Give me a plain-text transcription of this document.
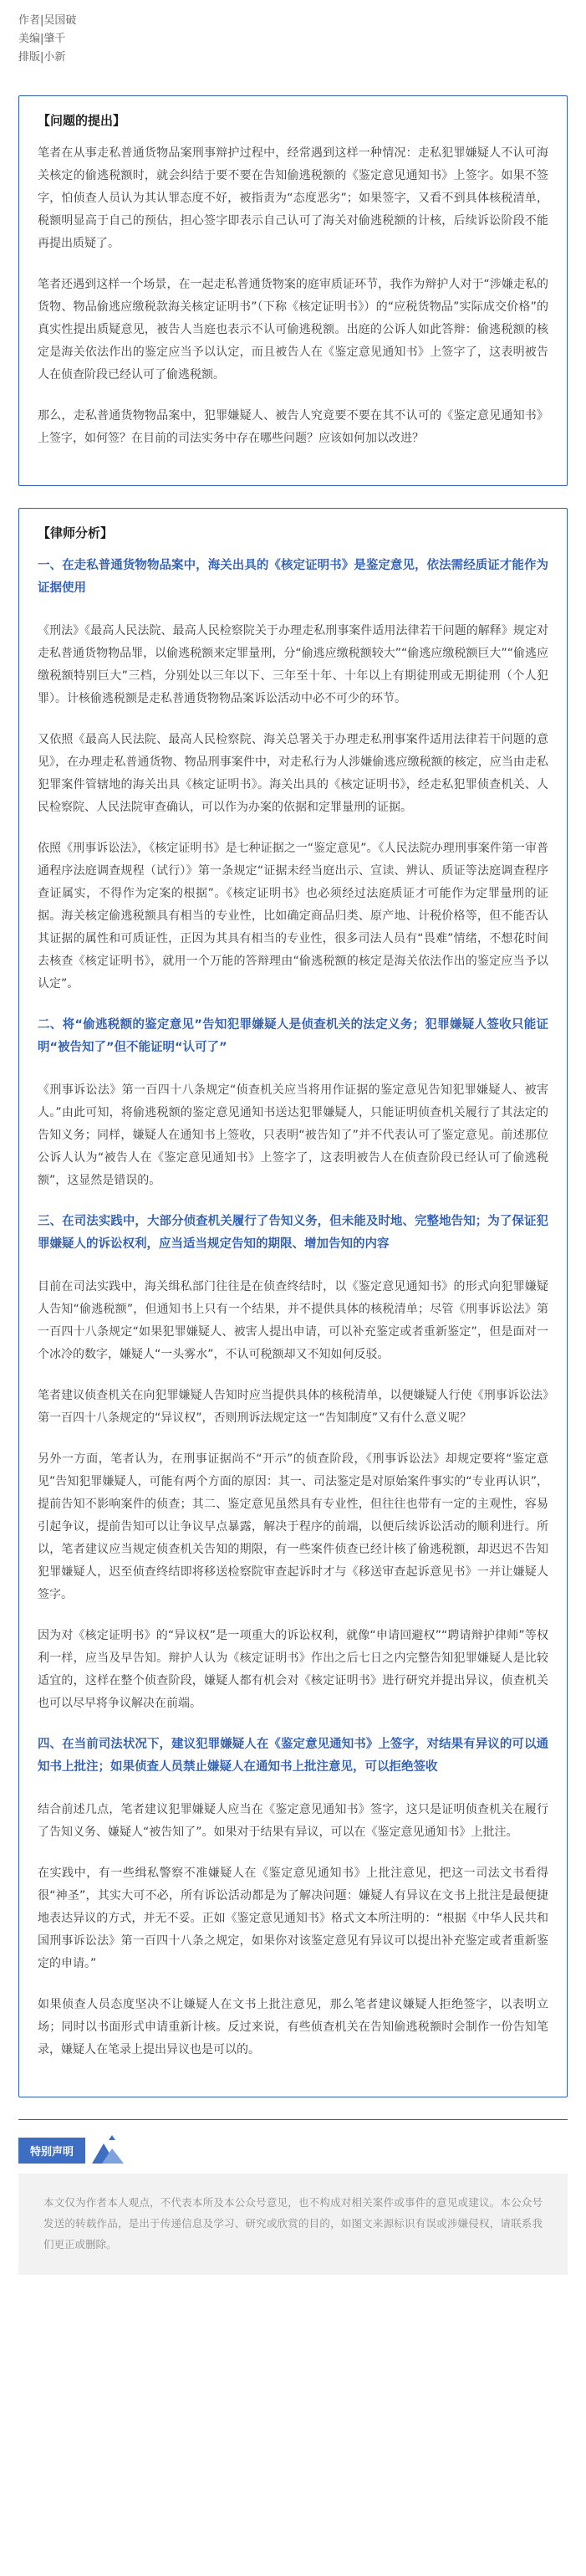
作者|吴国破
美编|肇千
排版|小新
【问题的提出】

笔者在从事走私普通货物品案刑事辩护过程中，经常遇到这样一种情况：走私犯罪嫌疑人不认可海关核定的偷逃税额时，就会纠结于要不要在告知偷逃税额的《鉴定意见通知书》上签字。如果不签字，怕侦查人员认为其认罪态度不好，被指责为“态度恶劣”；如果签字，又看不到具体核税清单，税额明显高于自己的预估，担心签字即表示自己认可了海关对偷逃税额的计核，后续诉讼阶段不能再提出质疑了。

笔者还遇到这样一个场景，在一起走私普通货物案的庭审质证环节，我作为辩护人对于“涉嫌走私的货物、物品偷逃应缴税款海关核定证明书”（下称《核定证明书》）的“应税货物品”实际成交价格”的真实性提出质疑意见，被告人当庭也表示不认可偷逃税额。出庭的公诉人如此答辩：偷逃税额的核定是海关依法作出的鉴定应当予以认定，而且被告人在《鉴定意见通知书》上签字了，这表明被告人在侦查阶段已经认可了偷逃税额。

那么，走私普通货物物品案中，犯罪嫌疑人、被告人究竟要不要在其不认可的《鉴定意见通知书》上签字，如何签？在目前的司法实务中存在哪些问题？应该如何加以改进？

【律师分析】
一、在走私普通货物物品案中，海关出具的《核定证明书》是鉴定意见，依法需经质证才能作为证据使用

《刑法》《最高人民法院、最高人民检察院关于办理走私刑事案件适用法律若干问题的解释》规定对走私普通货物物品罪，以偷逃税额来定罪量刑，分“偷逃应缴税额较大”“偷逃应缴税额巨大”“偷逃应缴税额特别巨大”三档，分别处以三年以下、三年至十年、十年以上有期徒刑或无期徒刑（个人犯罪）。计核偷逃税额是走私普通货物物品案诉讼活动中必不可少的环节。

又依照《最高人民法院、最高人民检察院、海关总署关于办理走私刑事案件适用法律若干问题的意见》，在办理走私普通货物、物品刑事案件中，对走私行为人涉嫌偷逃应缴税额的核定，应当由走私犯罪案件管辖地的海关出具《核定证明书》。海关出具的《核定证明书》，经走私犯罪侦查机关、人民检察院、人民法院审查确认，可以作为办案的依据和定罪量刑的证据。

依照《刑事诉讼法》，《核定证明书》是七种证据之一“鉴定意见”。《人民法院办理刑事案件第一审普通程序法庭调查规程（试行）》第一条规定“证据未经当庭出示、宣读、辨认、质证等法庭调查程序查证属实，不得作为定案的根据”。《核定证明书》也必须经过法庭质证才可能作为定罪量刑的证据。海关核定偷逃税额具有相当的专业性，比如确定商品归类、原产地、计税价格等，但不能否认其证据的属性和可质证性，正因为其具有相当的专业性，很多司法人员有“畏难”情绪，不想花时间去核查《核定证明书》，就用一个万能的答辩理由“偷逃税额的核定是海关依法作出的鉴定应当予以认定”。

二、将“偷逃税额的鉴定意见”告知犯罪嫌疑人是侦查机关的法定义务；犯罪嫌疑人签收只能证明“被告知了”但不能证明“认可了”

《刑事诉讼法》第一百四十八条规定“侦查机关应当将用作证据的鉴定意见告知犯罪嫌疑人、被害人。”由此可知，将偷逃税额的鉴定意见通知书送达犯罪嫌疑人，只能证明侦查机关履行了其法定的告知义务；同样，嫌疑人在通知书上签收，只表明“被告知了”并不代表认可了鉴定意见。前述那位公诉人认为“被告人在《鉴定意见通知书》上签字了，这表明被告人在侦查阶段已经认可了偷逃税额”，这显然是错误的。

三、在司法实践中，大部分侦查机关履行了告知义务，但未能及时地、完整地告知；为了保证犯罪嫌疑人的诉讼权利，应当适当规定告知的期限、增加告知的内容

目前在司法实践中，海关缉私部门往往是在侦查终结时，以《鉴定意见通知书》的形式向犯罪嫌疑人告知“偷逃税额”，但通知书上只有一个结果，并不提供具体的核税清单；尽管《刑事诉讼法》第一百四十八条规定“如果犯罪嫌疑人、被害人提出申请，可以补充鉴定或者重新鉴定”，但是面对一个冰冷的数字，嫌疑人“一头雾水”，不认可税额却又不知如何反驳。

笔者建议侦查机关在向犯罪嫌疑人告知时应当提供具体的核税清单，以便嫌疑人行使《刑事诉讼法》第一百四十八条规定的“异议权”，否则刑诉法规定这一“告知制度”又有什么意义呢？

另外一方面，笔者认为，在刑事证据尚不“开示”的侦查阶段，《刑事诉讼法》却规定要将“鉴定意见”告知犯罪嫌疑人，可能有两个方面的原因：其一、司法鉴定是对原始案件事实的“专业再认识”，提前告知不影响案件的侦查；其二、鉴定意见虽然具有专业性，但往往也带有一定的主观性，容易引起争议，提前告知可以让争议早点暴露，解决于程序的前端，以便后续诉讼活动的顺利进行。所以，笔者建议应当规定侦查机关告知的期限，有一些案件侦查已经计核了偷逃税额，却迟迟不告知犯罪嫌疑人，迟至侦查终结即将移送检察院审查起诉时才与《移送审查起诉意见书》一并让嫌疑人签字。

因为对《核定证明书》的“异议权”是一项重大的诉讼权利，就像“申请回避权”“聘请辩护律师”等权利一样，应当及早告知。辩护人认为《核定证明书》作出之后七日之内完整告知犯罪嫌疑人是比较适宜的，这样在整个侦查阶段，嫌疑人都有机会对《核定证明书》进行研究并提出异议，侦查机关也可以尽早将争议解决在前端。

四、在当前司法状况下，建议犯罪嫌疑人在《鉴定意见通知书》上签字，对结果有异议的可以通知书上批注；如果侦查人员禁止嫌疑人在通知书上批注意见，可以拒绝签收

结合前述几点，笔者建议犯罪嫌疑人应当在《鉴定意见通知书》签字，这只是证明侦查机关在履行了告知义务、嫌疑人“被告知了”。如果对于结果有异议，可以在《鉴定意见通知书》上批注。

在实践中，有一些缉私警察不准嫌疑人在《鉴定意见通知书》上批注意见，把这一司法文书看得很“神圣”，其实大可不必，所有诉讼活动都是为了解决问题：嫌疑人有异议在文书上批注是最便捷地表达异议的方式，并无不妥。正如《鉴定意见通知书》格式文本所注明的：“根据《中华人民共和国刑事诉讼法》第一百四十八条之规定，如果你对该鉴定意见有异议可以提出补充鉴定或者重新鉴定的申请。”

如果侦查人员态度坚决不让嫌疑人在文书上批注意见，那么笔者建议嫌疑人拒绝签字，以表明立场；同时以书面形式申请重新计核。反过来说，有些侦查机关在告知偷逃税额时会制作一份告知笔录，嫌疑人在笔录上提出异议也是可以的。

特别声明

本文仅为作者本人观点，不代表本所及本公众号意见，也不构成对相关案件或事件的意见或建议。本公众号发送的转载作品，是出于传递信息及学习、研究或欣赏的目的，如图文来源标识有误或涉嫌侵权，请联系我们更正或删除。
